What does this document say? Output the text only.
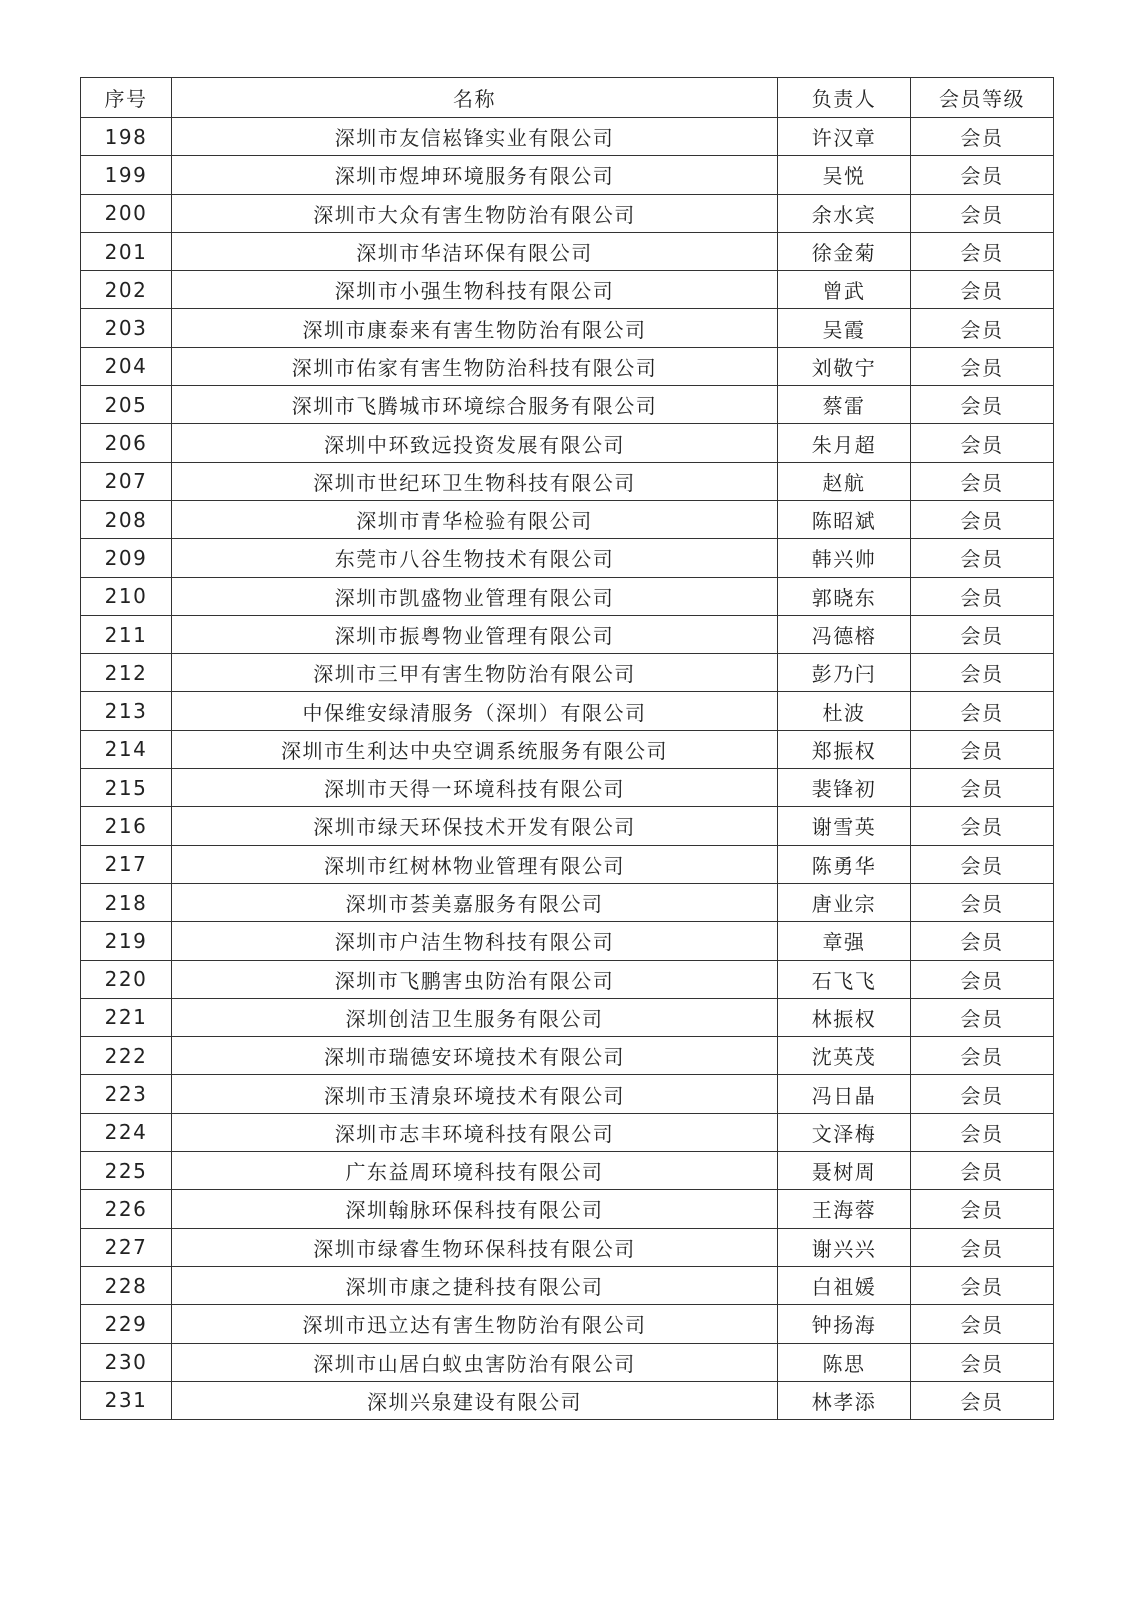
序号	名称	负责人	会员等级
198	深圳市友信崧锋实业有限公司	许汉章	会员
199	深圳市煜坤环境服务有限公司	吴悦	会员
200	深圳市大众有害生物防治有限公司	余水宾	会员
201	深圳市华洁环保有限公司	徐金菊	会员
202	深圳市小强生物科技有限公司	曾武	会员
203	深圳市康泰来有害生物防治有限公司	吴霞	会员
204	深圳市佑家有害生物防治科技有限公司	刘敬宁	会员
205	深圳市飞腾城市环境综合服务有限公司	蔡雷	会员
206	深圳中环致远投资发展有限公司	朱月超	会员
207	深圳市世纪环卫生物科技有限公司	赵航	会员
208	深圳市青华检验有限公司	陈昭斌	会员
209	东莞市八谷生物技术有限公司	韩兴帅	会员
210	深圳市凯盛物业管理有限公司	郭晓东	会员
211	深圳市振粤物业管理有限公司	冯德榕	会员
212	深圳市三甲有害生物防治有限公司	彭乃闩	会员
213	中保维安绿清服务（深圳）有限公司	杜波	会员
214	深圳市生利达中央空调系统服务有限公司	郑振权	会员
215	深圳市天得一环境科技有限公司	裴锋初	会员
216	深圳市绿天环保技术开发有限公司	谢雪英	会员
217	深圳市红树林物业管理有限公司	陈勇华	会员
218	深圳市荟美嘉服务有限公司	唐业宗	会员
219	深圳市户洁生物科技有限公司	章强	会员
220	深圳市飞鹏害虫防治有限公司	石飞飞	会员
221	深圳创洁卫生服务有限公司	林振权	会员
222	深圳市瑞德安环境技术有限公司	沈英茂	会员
223	深圳市玉清泉环境技术有限公司	冯日晶	会员
224	深圳市志丰环境科技有限公司	文泽梅	会员
225	广东益周环境科技有限公司	聂树周	会员
226	深圳翰脉环保科技有限公司	王海蓉	会员
227	深圳市绿睿生物环保科技有限公司	谢兴兴	会员
228	深圳市康之捷科技有限公司	白祖媛	会员
229	深圳市迅立达有害生物防治有限公司	钟扬海	会员
230	深圳市山居白蚁虫害防治有限公司	陈思	会员
231	深圳兴泉建设有限公司	林孝添	会员
